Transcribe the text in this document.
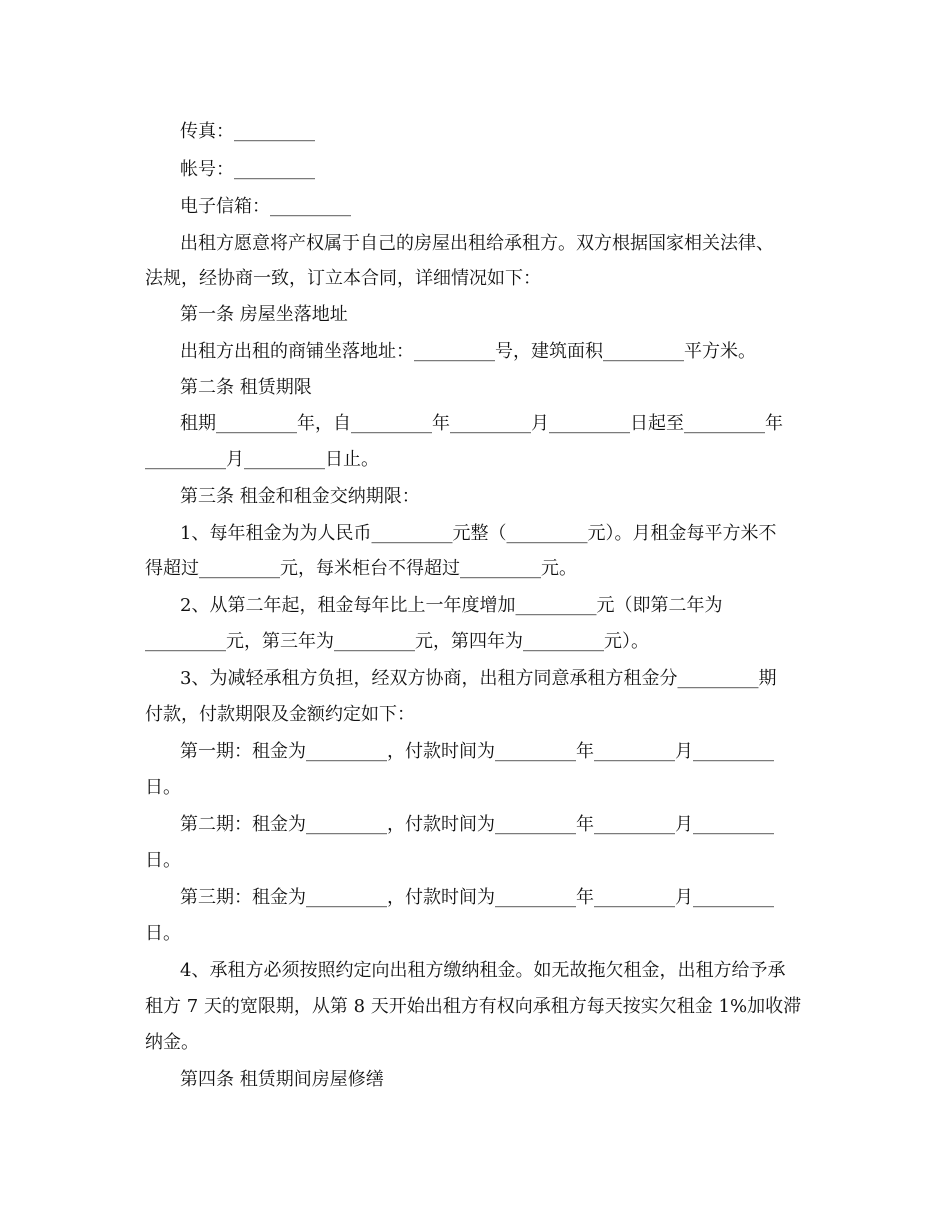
传真：_________
帐号：_________
电子信箱：_________
出租方愿意将产权属于自己的房屋出租给承租方。双方根据国家相关法律、
法规，经协商一致，订立本合同，详细情况如下：
第一条 房屋坐落地址
出租方出租的商铺坐落地址：_________号，建筑面积_________平方米。
第二条 租赁期限
租期_________年，自_________年_________月_________日起至_________年
_________月_________日止。
第三条 租金和租金交纳期限：
1、每年租金为为人民币_________元整（_________元）。月租金每平方米不
得超过_________元，每米柜台不得超过_________元。
2、从第二年起，租金每年比上一年度增加_________元（即第二年为
_________元，第三年为_________元，第四年为_________元）。
3、为减轻承租方负担，经双方协商，出租方同意承租方租金分_________期
付款，付款期限及金额约定如下：
第一期：租金为_________，付款时间为_________年_________月_________
日。
第二期：租金为_________，付款时间为_________年_________月_________
日。
第三期：租金为_________，付款时间为_________年_________月_________
日。
4、承租方必须按照约定向出租方缴纳租金。如无故拖欠租金，出租方给予承
租方 7 天的宽限期，从第 8 天开始出租方有权向承租方每天按实欠租金 1%加收滞
纳金。
第四条 租赁期间房屋修缮
